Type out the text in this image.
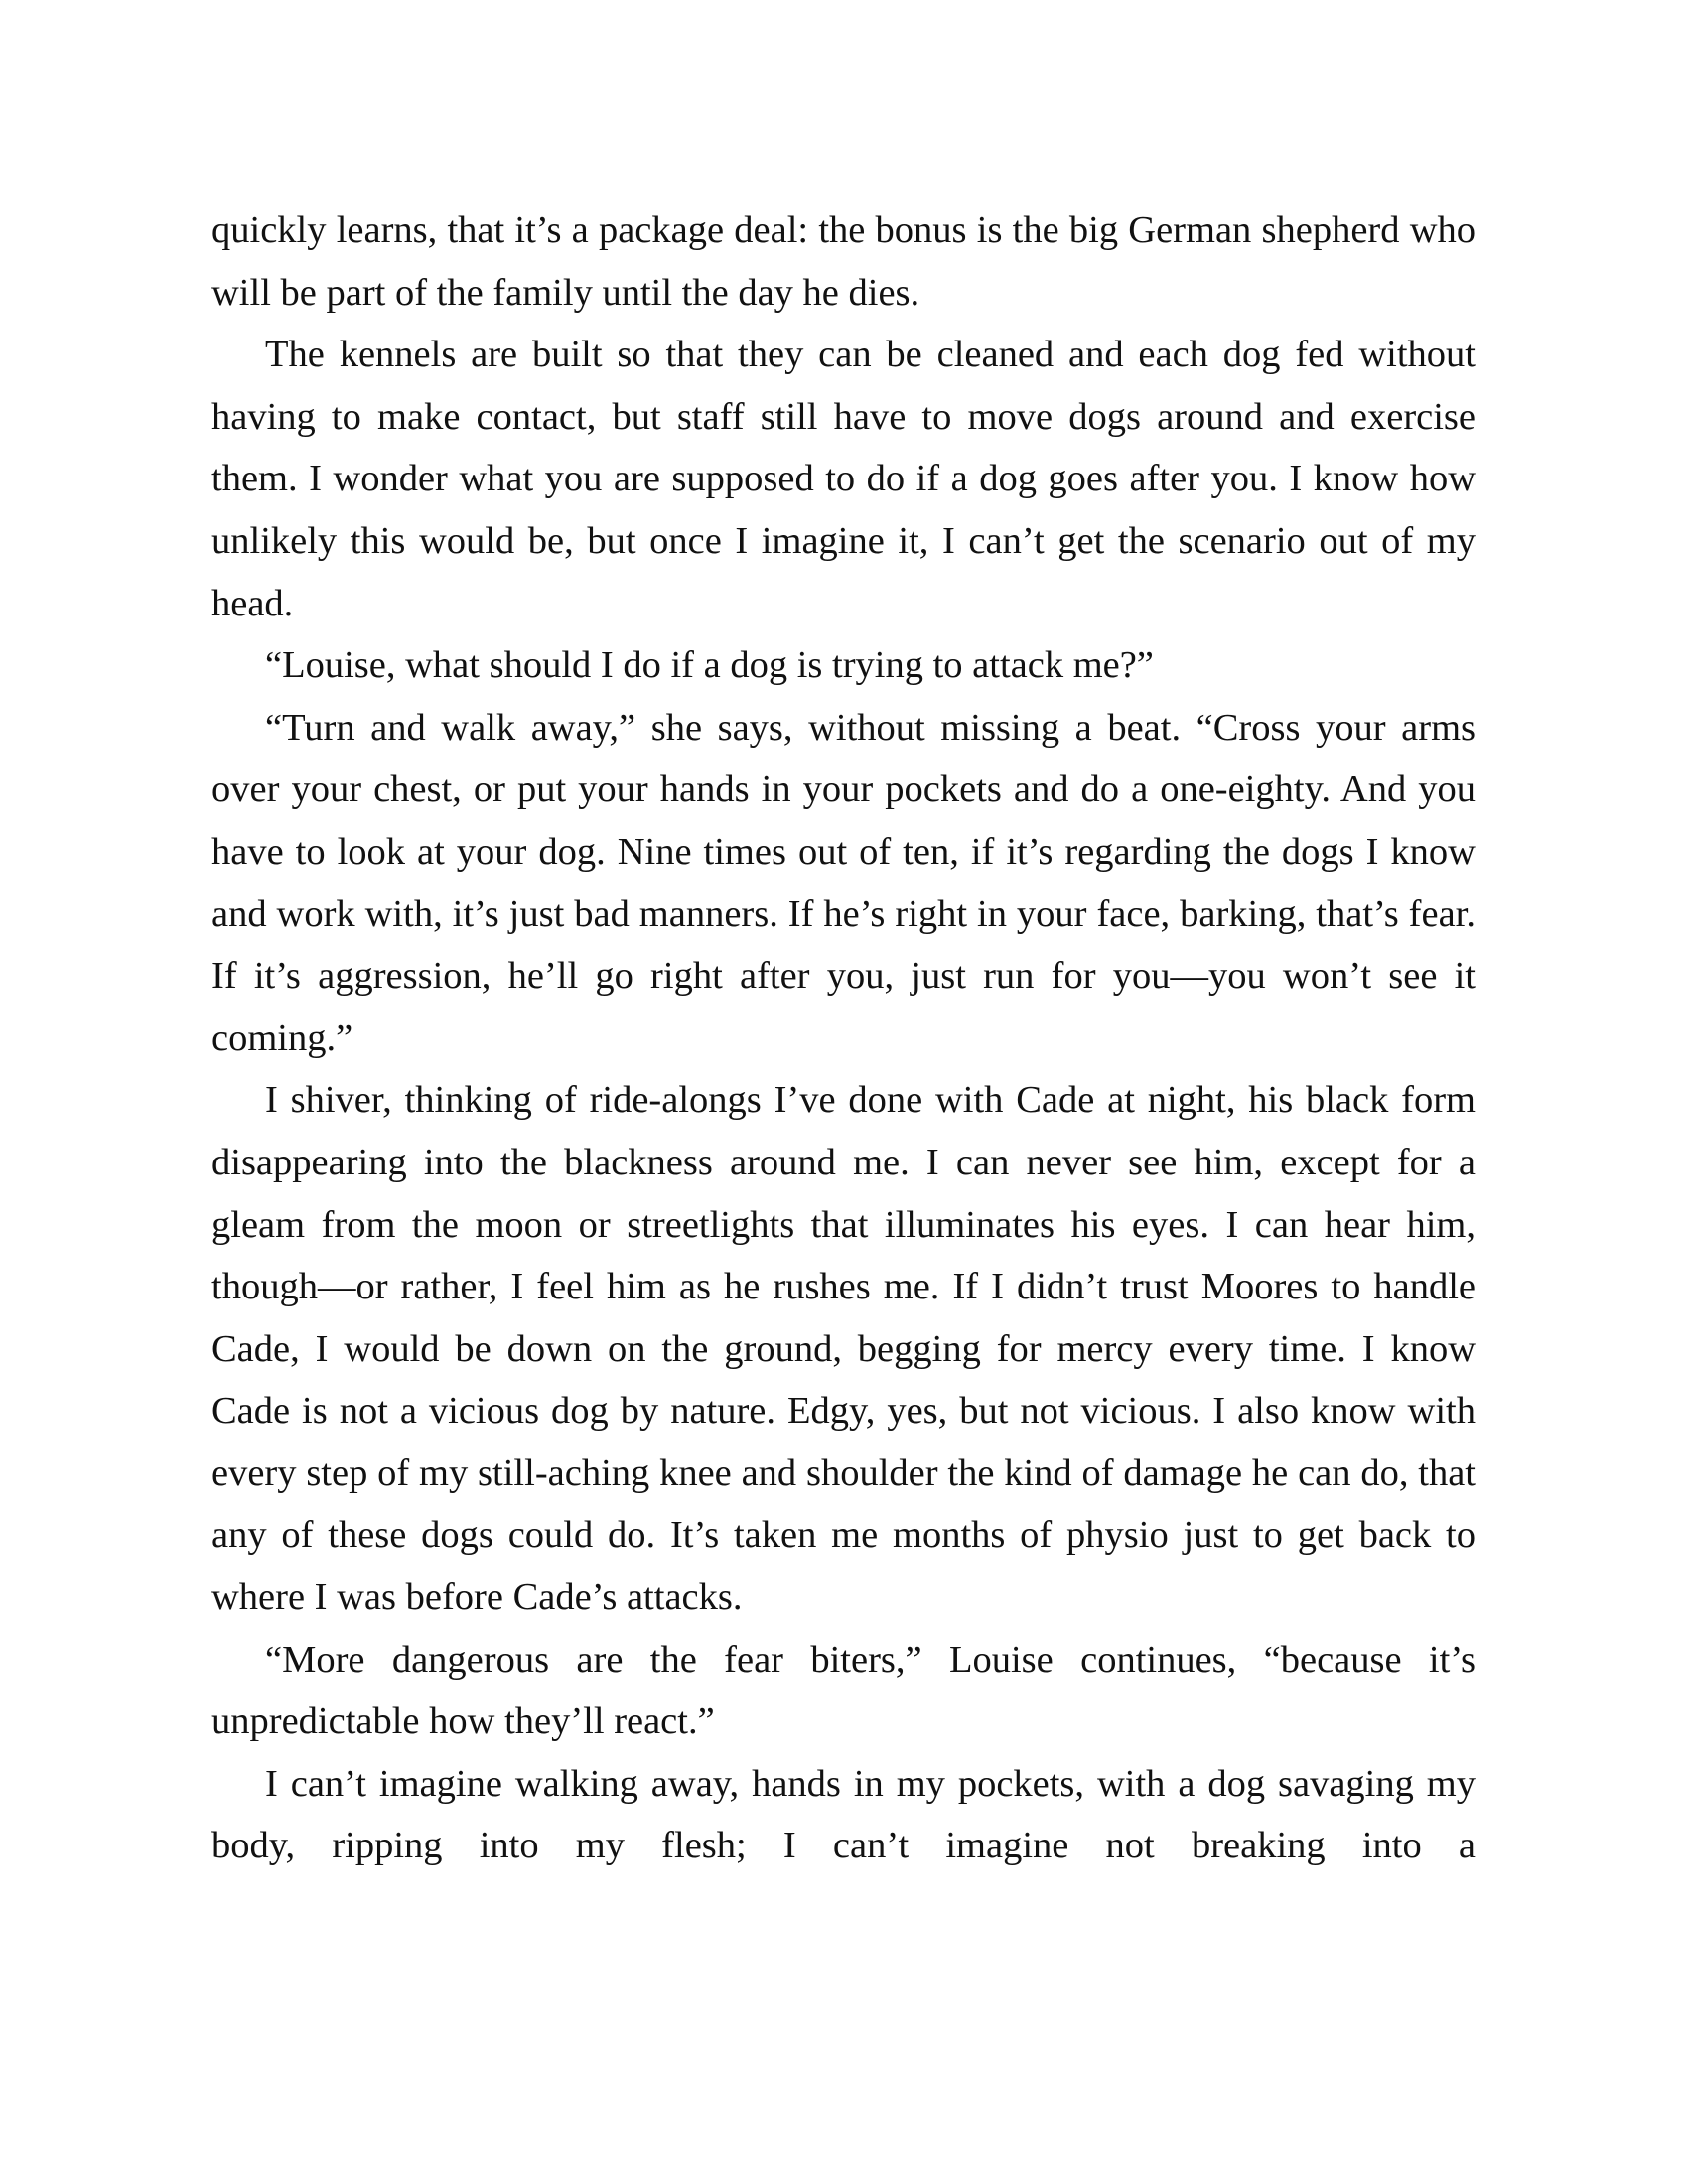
quickly learns, that it’s a package deal: the bonus is the big German shepherd who will be part of the family until the day he dies.

The kennels are built so that they can be cleaned and each dog fed without having to make contact, but staff still have to move dogs around and exercise them. I wonder what you are supposed to do if a dog goes after you. I know how unlikely this would be, but once I imagine it, I can’t get the scenario out of my head.

“Louise, what should I do if a dog is trying to attack me?”

“Turn and walk away,” she says, without missing a beat. “Cross your arms over your chest, or put your hands in your pockets and do a one-eighty. And you have to look at your dog. Nine times out of ten, if it’s regarding the dogs I know and work with, it’s just bad manners. If he’s right in your face, barking, that’s fear. If it’s aggression, he’ll go right after you, just run for you—you won’t see it coming.”

I shiver, thinking of ride-alongs I’ve done with Cade at night, his black form disappearing into the blackness around me. I can never see him, except for a gleam from the moon or streetlights that illuminates his eyes. I can hear him, though—or rather, I feel him as he rushes me. If I didn’t trust Moores to handle Cade, I would be down on the ground, begging for mercy every time. I know Cade is not a vicious dog by nature. Edgy, yes, but not vicious. I also know with every step of my still-aching knee and shoulder the kind of damage he can do, that any of these dogs could do. It’s taken me months of physio just to get back to where I was before Cade’s attacks.

“More dangerous are the fear biters,” Louise continues, “because it’s unpredictable how they’ll react.”

I can’t imagine walking away, hands in my pockets, with a dog savaging my body, ripping into my flesh; I can’t imagine not breaking into a
